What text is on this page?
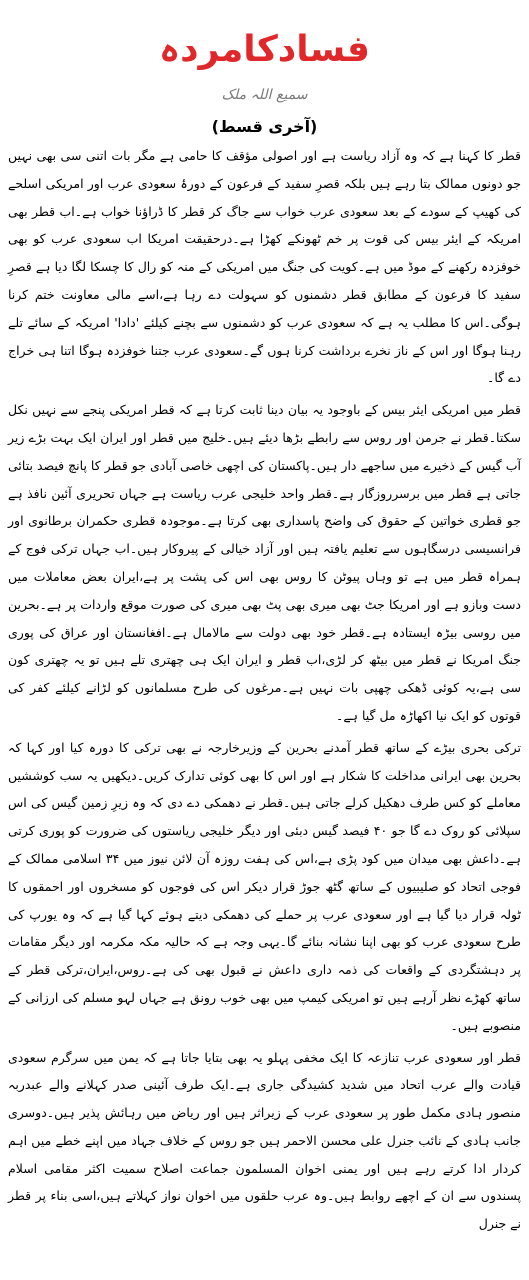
فسادکامردہ
سمیع اللہ ملک
(آخری قسط)

قطر کا کہنا ہے کہ وہ آزاد ریاست ہے اور اصولی مؤقف کا حامی ہے مگر بات اتنی سی بھی نہیں جو دونوں ممالک بتا رہے ہیں بلکہ قصرِ سفید کے فرعون کے دورۂ سعودی عرب اور امریکی اسلحے کی کھیپ کے سودے کے بعد سعودی عرب خواب سے جاگ کر قطر کا ڈراؤنا خواب ہے۔اب قطر بھی امریکہ کے ایئر بیس کی قوت پر خم ٹھونکے کھڑا ہے۔درحقیقت امریکا اب سعودی عرب کو بھی خوفزدہ رکھنے کے موڈ میں ہے۔کویت کی جنگ میں امریکی کے منہ کو رال کا چسکا لگا دیا ہے قصرِ سفید کا فرعون کے مطابق قطر دشمنوں کو سہولت دے رہا ہے،اسے مالی معاونت ختم کرنا ہوگی۔اس کا مطلب یہ ہے کہ سعودی عرب کو دشمنوں سے بچنے کیلئے 'دادا' امریکہ کے سائے تلے رہنا ہوگا اور اس کے ناز نخرے برداشت کرنا ہوں گے۔سعودی عرب جتنا خوفزدہ ہوگا اتنا ہی خراج دے گا۔

قطر میں امریکی ایئر بیس کے باوجود یہ بیان دینا ثابت کرتا ہے کہ قطر امریکی پنجے سے نہیں نکل سکتا۔قطر نے جرمن اور روس سے رابطے بڑھا دیئے ہیں۔خلیج میں قطر اور ایران ایک بہت بڑے زیر آب گیس کے ذخیرے میں ساجھے دار ہیں۔پاکستان کی اچھی خاصی آبادی جو قطر کا پانچ فیصد بتائی جاتی ہے قطر میں برسرروزگار ہے۔قطر واحد خلیجی عرب ریاست ہے جہاں تحریری آئین نافذ ہے جو قطری خواتین کے حقوق کی واضح پاسداری بھی کرتا ہے۔موجودہ قطری حکمران برطانوی اور فرانسیسی درسگاہوں سے تعلیم یافتہ ہیں اور آزاد خیالی کے پیروکار ہیں۔اب جہاں ترکی فوج کے ہمراہ قطر میں ہے تو وہاں پیوٹن کا روس بھی اس کی پشت پر ہے،ایران بعض معاملات میں دست وبازو ہے اور امریکا جٹ بھی میری بھی پٹ بھی میری کی صورت موقع واردات پر ہے۔بحرین میں روسی بیڑہ ایستادہ ہے۔قطر خود بھی دولت سے مالامال ہے۔افغانستان اور عراق کی پوری جنگ امریکا نے قطر میں بیٹھ کر لڑی،اب قطر و ایران ایک ہی چھتری تلے ہیں تو یہ چھتری کون سی ہے،یہ کوئی ڈھکی چھپی بات نہیں ہے۔مرغوں کی طرح مسلمانوں کو لڑانے کیلئے کفر کی قوتوں کو ایک نیا اکھاڑہ مل گیا ہے۔

ترکی بحری بیڑے کے ساتھ قطر آمدنے بحرین کے وزیرخارجہ نے بھی ترکی کا دورہ کیا اور کہا کہ بحرین بھی ایرانی مداخلت کا شکار ہے اور اس کا بھی کوئی تدارک کریں۔دیکھیں یہ سب کوششیں معاملے کو کس طرف دھکیل کرلے جاتی ہیں۔قطر نے دھمکی دے دی کہ وہ زیرِ زمین گیس کی اس سپلائی کو روک دے گا جو ۴۰ فیصد گیس دبئی اور دیگر خلیجی ریاستوں کی ضرورت کو پوری کرتی ہے۔داعش بھی میدان میں کود پڑی ہے،اس کی ہفت روزہ آن لائن نیوز میں ۳۴ اسلامی ممالک کے فوجی اتحاد کو صلیبیوں کے ساتھ گٹھ جوڑ قرار دیکر اس کی فوجوں کو مسخروں اور احمقوں کا ٹولہ قرار دیا گیا ہے اور سعودی عرب پر حملے کی دھمکی دیتے ہوئے کہا گیا ہے کہ وہ یورپ کی طرح سعودی عرب کو بھی اپنا نشانہ بنائے گا۔یہی وجہ ہے کہ حالیہ مکہ مکرمہ اور دیگر مقامات پر دہشتگردی کے واقعات کی ذمہ داری داعش نے قبول بھی کی ہے۔روس،ایران،ترکی قطر کے ساتھ کھڑے نظر آرہے ہیں تو امریکی کیمپ میں بھی خوب رونق ہے جہاں لہو مسلم کی ارزانی کے منصوبے ہیں۔

قطر اور سعودی عرب تنازعہ کا ایک مخفی پہلو یہ بھی بتایا جاتا ہے کہ یمن میں سرگرم سعودی قیادت والے عرب اتحاد میں شدید کشیدگی جاری ہے۔ایک طرف آئینی صدر کہلانے والے عبدربہ منصور ہادی مکمل طور پر سعودی عرب کے زیراثر ہیں اور ریاض میں رہائش پذیر ہیں۔دوسری جانب ہادی کے نائب جنرل علی محسن الاحمر ہیں جو روس کے خلاف جہاد میں اپنے خطے میں اہم کردار ادا کرتے رہے ہیں اور یمنی اخوان المسلمون جماعت اصلاح سمیت اکثر مقامی اسلام پسندوں سے ان کے اچھے روابط ہیں۔وہ عرب حلقوں میں اخوان نواز کہلاتے ہیں،اسی بناء پر قطر نے جنرل
